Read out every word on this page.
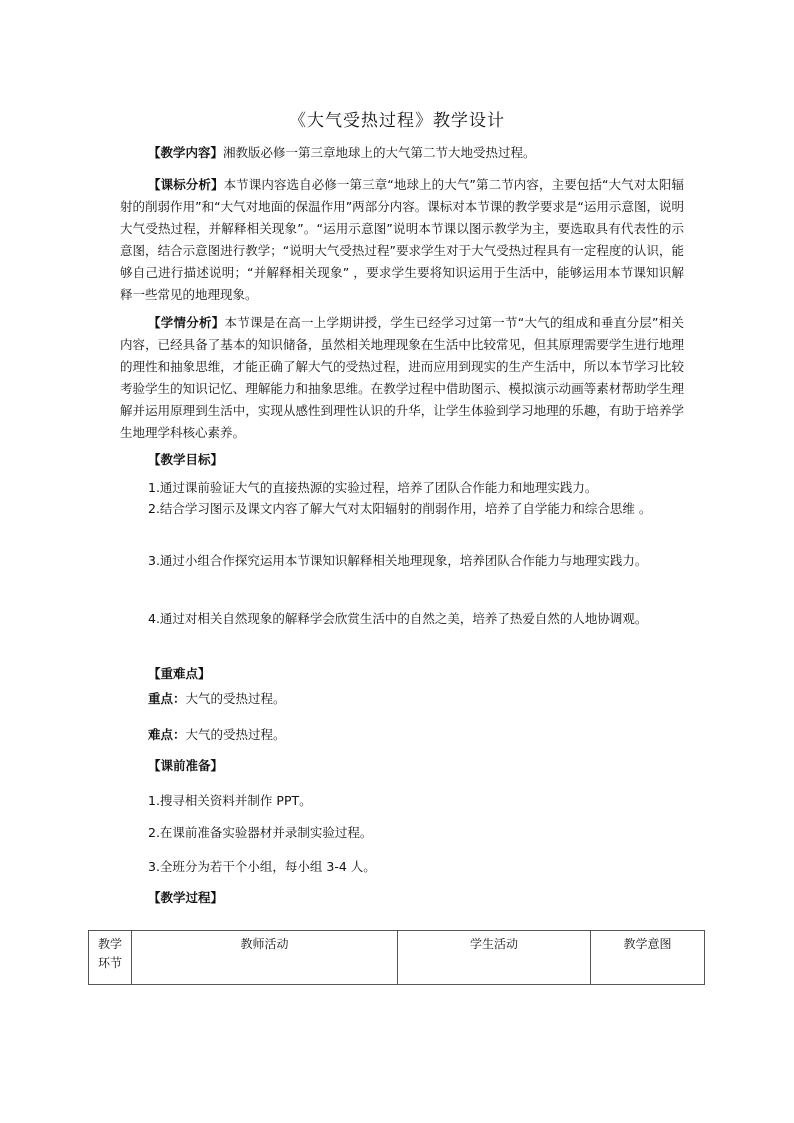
《大气受热过程》教学设计
【教学内容】湘教版必修一第三章地球上的大气第二节大地受热过程。
【课标分析】本节课内容选自必修一第三章“地球上的大气”第二节内容，主要包括“大气对太阳辐射的削弱作用”和“大气对地面的保温作用”两部分内容。课标对本节课的教学要求是“运用示意图，说明大气受热过程，并解释相关现象”。“运用示意图”说明本节课以图示教学为主，要选取具有代表性的示意图，结合示意图进行教学；“说明大气受热过程”要求学生对于大气受热过程具有一定程度的认识，能够自己进行描述说明；“并解释相关现象” ，要求学生要将知识运用于生活中，能够运用本节课知识解释一些常见的地理现象。
【学情分析】本节课是在高一上学期讲授，学生已经学习过第一节“大气的组成和垂直分层”相关内容，已经具备了基本的知识储备，虽然相关地理现象在生活中比较常见，但其原理需要学生进行地理的理性和抽象思维，才能正确了解大气的受热过程，进而应用到现实的生产生活中，所以本节学习比较考验学生的知识记忆、理解能力和抽象思维。在教学过程中借助图示、模拟演示动画等素材帮助学生理解并运用原理到生活中，实现从感性到理性认识的升华，让学生体验到学习地理的乐趣，有助于培养学生地理学科核心素养。
【教学目标】
1.通过课前验证大气的直接热源的实验过程，培养了团队合作能力和地理实践力。
2.结合学习图示及课文内容了解大气对太阳辐射的削弱作用，培养了自学能力和综合思维 。
3.通过小组合作探究运用本节课知识解释相关地理现象，培养团队合作能力与地理实践力。
4.通过对相关自然现象的解释学会欣赏生活中的自然之美，培养了热爱自然的人地协调观。
【重难点】
重点：大气的受热过程。
难点：大气的受热过程。
【课前准备】
1.搜寻相关资料并制作 PPT。
2.在课前准备实验器材并录制实验过程。
3.全班分为若干个小组，每小组 3-4 人。
【教学过程】
教学环节	教师活动	学生活动	教学意图
